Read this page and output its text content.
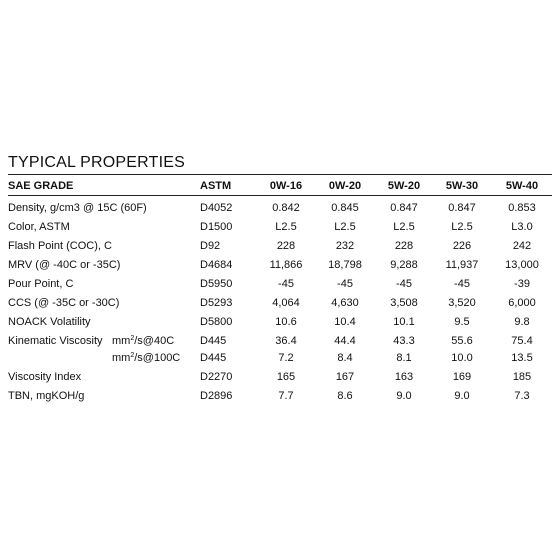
TYPICAL PROPERTIES
SAE GRADE	ASTM	0W-16	0W-20	5W-20	5W-30	5W-40
Density, g/cm3 @ 15C (60F)	D4052	0.842	0.845	0.847	0.847	0.853
Color, ASTM	D1500	L2.5	L2.5	L2.5	L2.5	L3.0
Flash Point (COC), C	D92	228	232	228	226	242
MRV (@ -40C or -35C)	D4684	11,866	18,798	9,288	11,937	13,000
Pour Point, C	D5950	-45	-45	-45	-45	-39
CCS (@ -35C or -30C)	D5293	4,064	4,630	3,508	3,520	6,000
NOACK Volatility	D5800	10.6	10.4	10.1	9.5	9.8
Kinematic Viscosity $mm^2/s@40C$ D445	36.4	44.4	43.3	55.6	75.4
$mm^2/s@100C$ D445	7.2	8.4	8.1	10.0	13.5
Viscosity Index	D2270	165	167	163	169	185
TBN, mgKOH/g	D2896	7.7	8.6	9.0	9.0	7.3
